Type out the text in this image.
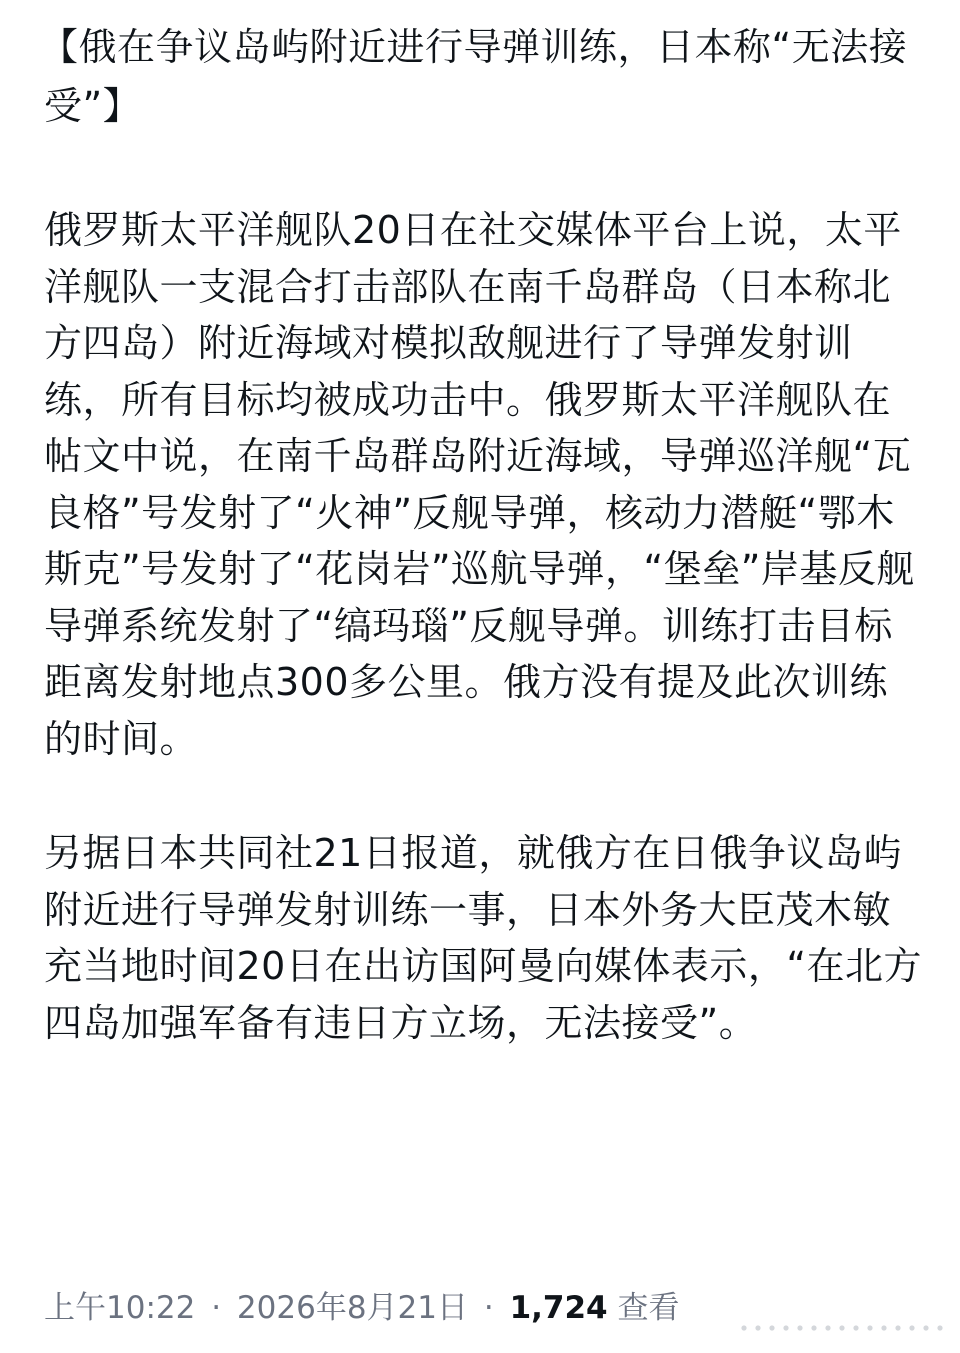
【俄在争议岛屿附近进行导弹训练，日本称“无法接受”】

俄罗斯太平洋舰队20日在社交媒体平台上说，太平洋舰队一支混合打击部队在南千岛群岛（日本称北方四岛）附近海域对模拟敌舰进行了导弹发射训练，所有目标均被成功击中。俄罗斯太平洋舰队在帖文中说，在南千岛群岛附近海域，导弹巡洋舰“瓦良格”号发射了“火神”反舰导弹，核动力潜艇“鄂木斯克”号发射了“花岗岩”巡航导弹，“堡垒”岸基反舰导弹系统发射了“缟玛瑙”反舰导弹。训练打击目标距离发射地点300多公里。俄方没有提及此次训练的时间。

另据日本共同社21日报道，就俄方在日俄争议岛屿附近进行导弹发射训练一事，日本外务大臣茂木敏充当地时间20日在出访国阿曼向媒体表示，“在北方四岛加强军备有违日方立场，无法接受”。

上午10:22 · 2026年8月21日 · 1,724 查看
